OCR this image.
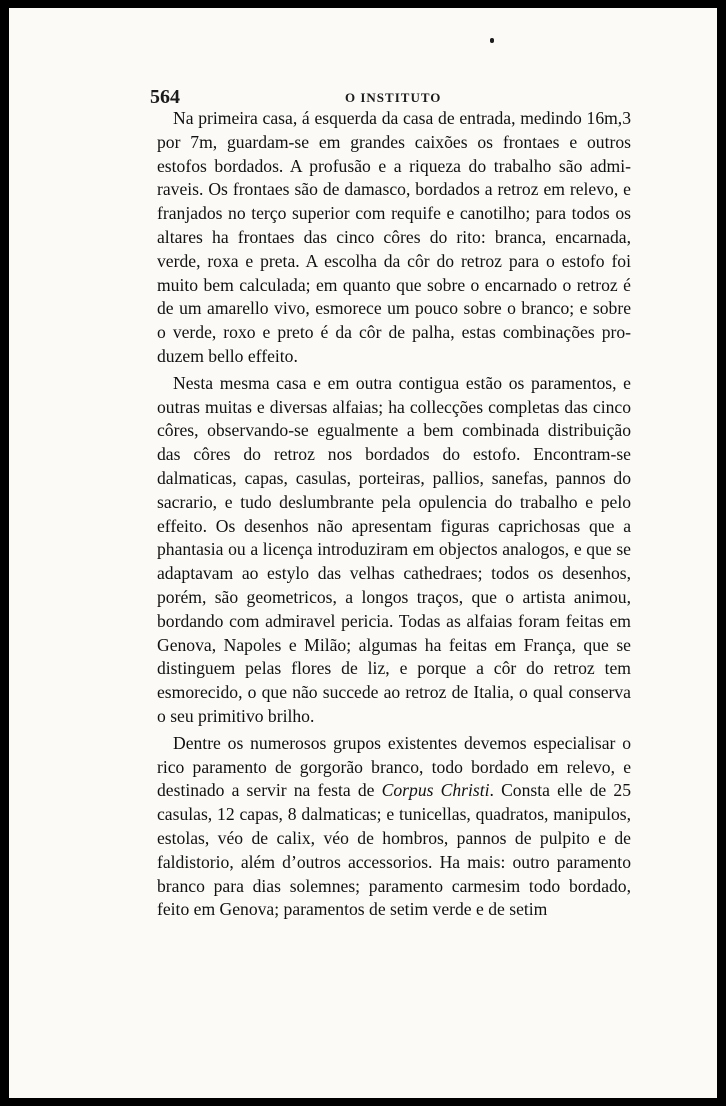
564	O INSTITUTO

Na primeira casa, á esquerda da casa de entrada, medindo 16m,3 por 7m, guardam-se em grandes caixões os frontaes e outros estofos bordados. A profusão e a riqueza do trabalho são admiraveis. Os frontaes são de damasco, bordados a retroz em relevo, e franjados no terço superior com requife e canotilho; para todos os altares ha frontaes das cinco côres do rito: branca, encarnada, verde, roxa e preta. A escolha da côr do retroz para o estofo foi muito bem calculada; em quanto que sobre o encarnado o retroz é de um amarello vivo, esmorece um pouco sobre o branco; e sobre o verde, roxo e preto é da côr de palha, estas combinações produzem bello effeito.

Nesta mesma casa e em outra contigua estão os paramentos, e outras muitas e diversas alfaias; ha collecções completas das cinco côres, observando-se egualmente a bem combinada distribuição das côres do retroz nos bordados do estofo. Encontram-se dalmaticas, capas, casulas, porteiras, pallios, sanefas, pannos do sacrario, e tudo deslumbrante pela opulencia do trabalho e pelo effeito. Os desenhos não apresentam figuras caprichosas que a phantasia ou a licença introduziram em objectos analogos, e que se adaptavam ao estylo das velhas cathedraes; todos os desenhos, porém, são geometricos, a longos traços, que o artista animou, bordando com admiravel pericia. Todas as alfaias foram feitas em Genova, Napoles e Milão; algumas ha feitas em França, que se distinguem pelas flores de liz, e porque a côr do retroz tem esmorecido, o que não succede ao retroz de Italia, o qual conserva o seu primitivo brilho.

Dentre os numerosos grupos existentes devemos especialisar o rico paramento de gorgorão branco, todo bordado em relevo, e destinado a servir na festa de Corpus Christi. Consta elle de 25 casulas, 12 capas, 8 dalmaticas; e tunicellas, quadratos, manipulos, estolas, véo de calix, véo de hombros, pannos de pulpito e de faldistorio, além d’outros accessorios. Ha mais: outro paramento branco para dias solemnes; paramento carmesim todo bordado, feito em Genova; paramentos de setim verde e de setim
